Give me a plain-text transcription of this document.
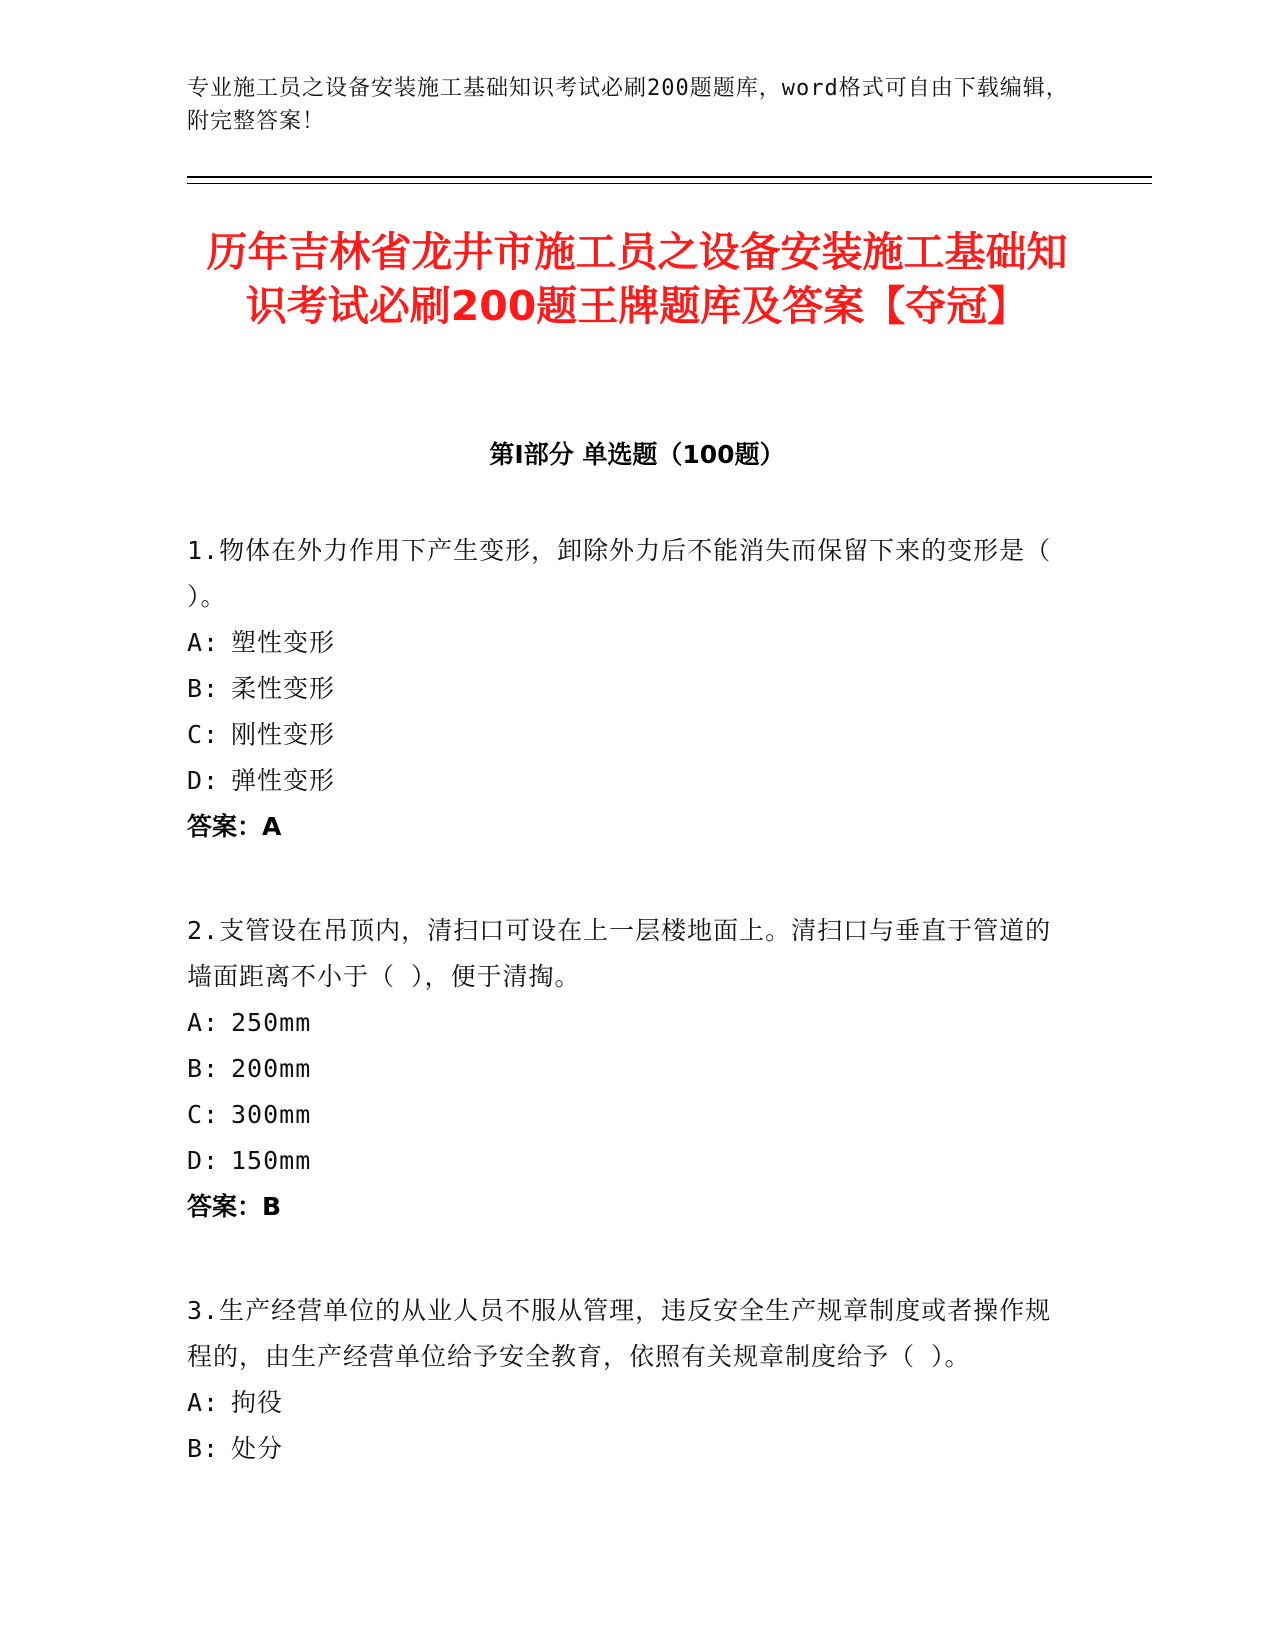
专业施工员之设备安装施工基础知识考试必刷200题题库，word格式可自由下载编辑，附完整答案！
历年吉林省龙井市施工员之设备安装施工基础知识考试必刷200题王牌题库及答案【夺冠】
第Ⅰ部分 单选题（100题）

1.物体在外力作用下产生变形，卸除外力后不能消失而保留下来的变形是（ ）。

A: 塑性变形

B: 柔性变形

C: 刚性变形

D: 弹性变形

答案：A

2.支管设在吊顶内，清扫口可设在上一层楼地面上。清扫口与垂直于管道的墙面距离不小于（ ），便于清掏。

A: 250mm

B: 200mm

C: 300mm

D: 150mm

答案：B

3.生产经营单位的从业人员不服从管理，违反安全生产规章制度或者操作规程的，由生产经营单位给予安全教育，依照有关规章制度给予（ ）。

A: 拘役

B: 处分
